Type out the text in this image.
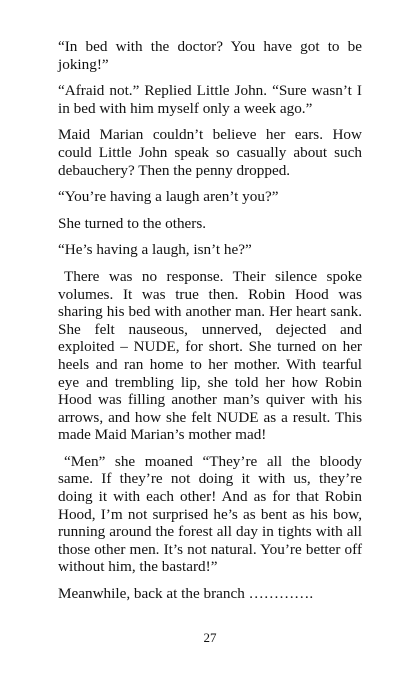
“In bed with the doctor? You have got to be joking!”

“Afraid not.” Replied Little John. “Sure wasn’t I in bed with him myself only a week ago.”

Maid Marian couldn’t believe her ears. How could Little John speak so casually about such debauchery? Then the penny dropped.

“You’re having a laugh aren’t you?”

She turned to the others.

“He’s having a laugh, isn’t he?”

There was no response. Their silence spoke volumes. It was true then. Robin Hood was sharing his bed with another man. Her heart sank. She felt nauseous, unnerved, dejected and exploited – NUDE, for short. She turned on her heels and ran home to her mother. With tearful eye and trembling lip, she told her how Robin Hood was filling another man’s quiver with his arrows, and how she felt NUDE as a result. This made Maid Marian’s mother mad!

“Men” she moaned “They’re all the bloody same. If they’re not doing it with us, they’re doing it with each other! And as for that Robin Hood, I’m not surprised he’s as bent as his bow, running around the forest all day in tights with all those other men. It’s not natural. You’re better off without him, the bastard!”

Meanwhile, back at the branch ………….

27
